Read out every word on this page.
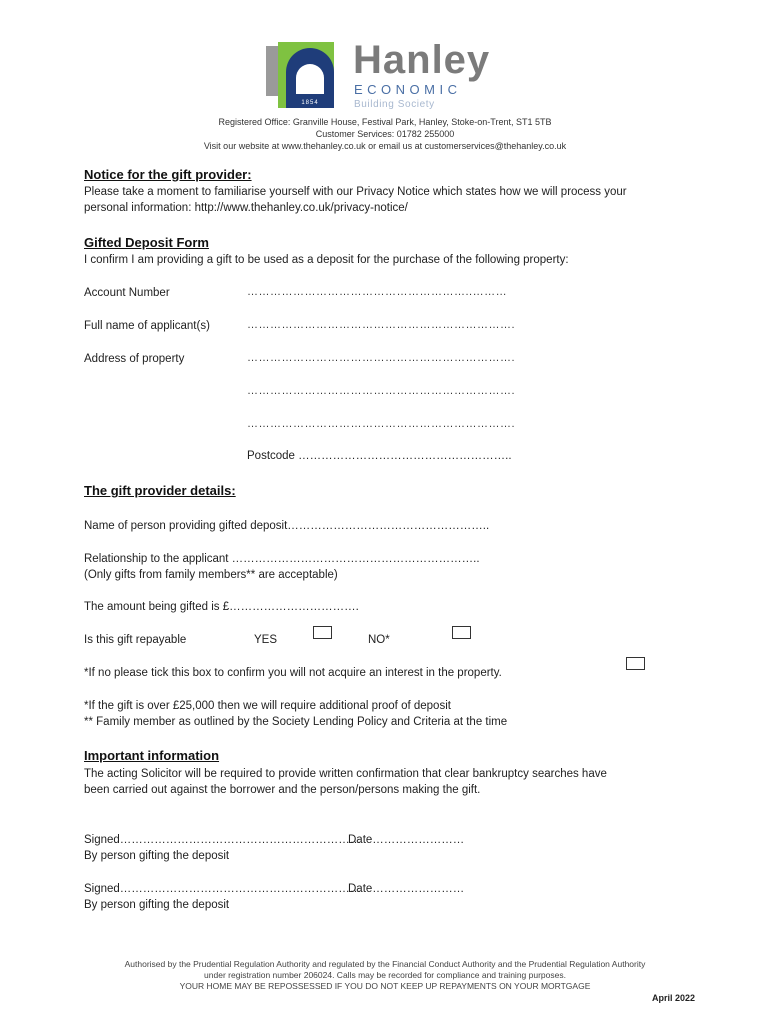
1854
Hanley
ECONOMIC
Building Society
Registered Office: Granville House, Festival Park, Hanley, Stoke-on-Trent, ST1 5TB
Customer Services: 01782 255000
Visit our website at www.thehanley.co.uk or email us at customerservices@thehanley.co.uk
Notice for the gift provider:
Please take a moment to familiarise yourself with our Privacy Notice which states how we will process your
personal information: http://www.thehanley.co.uk/privacy-notice/
Gifted Deposit Form
I confirm I am providing a gift to be used as a deposit for the purchase of the following property:
Account Number	…………………………………………………..………
Full name of applicant(s)	…………………………………………………………….
Address of property	…………………………………………………………….
…………………………………………………………….
…………………………………………………………….
Postcode ………………………………………………..
The gift provider details:
Name of person providing gifted deposit……………………………………………..
Relationship to the applicant ………………………………………………………..
(Only gifts from family members** are acceptable)
The amount being gifted is £…………………………….
Is this gift repayable	YES	NO*
*If no please tick this box to confirm you will not acquire an interest in the property.
*If the gift is over £25,000 then we will require additional proof of deposit
** Family member as outlined by the Society Lending Policy and Criteria at the time
Important information
The acting Solicitor will be required to provide written confirmation that clear bankruptcy searches have
been carried out against the borrower and the person/persons making the gift.
Signed………………………………………………………
Date……………………
By person gifting the deposit
Signed………………………………………………………
Date……………………
By person gifting the deposit
Authorised by the Prudential Regulation Authority and regulated by the Financial Conduct Authority and the Prudential Regulation Authority
under registration number 206024. Calls may be recorded for compliance and training purposes.
YOUR HOME MAY BE REPOSSESSED IF YOU DO NOT KEEP UP REPAYMENTS ON YOUR MORTGAGE
April 2022
